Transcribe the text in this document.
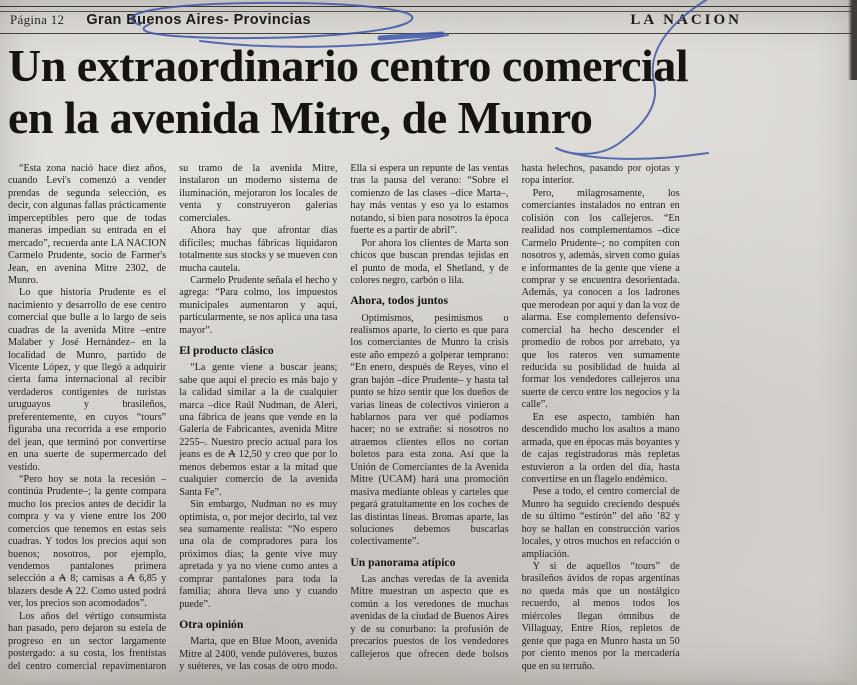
Página 12 Gran Buenos Aires- Provincias	LA NACION
Un extraordinario centro comercial
en la avenida Mitre, de Munro

“Esta zona nació hace diez años, cuando Levi's comenzó a vender prendas de segunda selección, es decir, con algunas fallas prácticamente imperceptibles pero que de todas maneras impedían su entrada en el mercado”, recuerda ante LA NACION Carmelo Prudente, socio de Farmer's Jean, en avenina Mitre 2302, de Munro.

Lo que historia Prudente es el nacimiento y desarrollo de ese centro comercial que bulle a lo largo de seis cuadras de la avenida Mitre –entre Malaber y José Hernández– en la localidad de Munro, partido de Vicente López, y que llegó a adquirir cierta fama internacional al recibir verdaderos contigentes de turistas uruguayos y brasileños, preferentemente, en cuyos “tours” figuraba una recorrida a ese emporio del jean, que terminó por convertirse en una suerte de supermercado del vestido.

“Pero hoy se nota la recesión –continúa Prudente–; la gente compara mucho los precios antes de decidir la compra y va y viene entre los 200 comercios que tenemos en estas seis cuadras. Y todos los precios aquí son buenos; nosotros, por ejemplo, vendemos pantalones primera selección a ₳ 8; camisas a ₳ 6,85 y blazers desde ₳ 22. Como usted podrá ver, los precios son acomodados”.

Los años del vértigo consumista han pasado, pero dejaron su estela de progreso en un sector largamente postergado: a su costa, los frentistas del centro comercial repavimentaron su tramo de la avenida Mitre, instalaron un moderno sistema de iluminación, mejoraron los locales de venta y construyeron galerías comerciales.

Ahora hay que afrontar días difíciles; muchas fábricas liquidaron totalmente sus stocks y se mueven con mucha cautela.

Carmelo Prudente señala el hecho y agrega: “Para colmo, los impuestos municipales aumentaron y aquí, particularmente, se nos aplica una tasa mayor”.

El producto clásico

“La gente viene a buscar jeans; sabe que aquí el precio es más bajo y la calidad similar a la de cualquier marca –dice Raúl Nudman, de Aleri, una fábrica de jeans que vende en la Galería de Fabricantes, avenida Mitre 2255–. Nuestro precio actual para los jeans es de ₳ 12,50 y creo que por lo menos debemos estar a la mitad que cualquier comercio de la avenida Santa Fe”.

Sin embargo, Nudman no es muy optimista, o, por mejor decirlo, tal vez sea sumamente realista: “No espero una ola de compradores para los próximos días; la gente vive muy apretada y ya no viene como antes a comprar pantalones para toda la familia; ahora lleva uno y cuando puede”.

Otra opinión

Marta, que en Blue Moon, avenida Mitre al 2400, vende pulóveres, buzos y suéteres, ve las cosas de otro modo. Ella sí espera un repunte de las ventas tras la pausa del verano: “Sobre el comienzo de las clases –dice Marta–, hay más ventas y eso ya lo estamos notando, si bien para nosotros la época fuerte es a partir de abril”.

Por ahora los clientes de Marta son chicos que buscan prendas tejidas en el punto de moda, el Shetland, y de colores negro, carbón o lila.

Ahora, todos juntos

Optimismos, pesimismos o realismos aparte, lo cierto es que para los comerciantes de Munro la crisis este año empezó a golperar temprano: “En enero, después de Reyes, vino el gran bajón –dice Prudente– y hasta tal punto se hizo sentir que los dueños de varias líneas de colectivos vinieron a hablarnos para ver qué podíamos hacer; no se extrañe: si nosotros no atraemos clientes ellos no cortan boletos para esta zona. Así que la Unión de Comerciantes de la Avenida Mitre (UCAM) hará una promoción masiva mediante obleas y carteles que pegará gratuitamente en los coches de las distintas líneas. Bromas aparte, las soluciones debemos buscarlas colectivamente”.

Un panorama atípico

Las anchas veredas de la avenida Mitre muestran un aspecto que es común a los veredones de muchas avenidas de la ciudad de Buenos Aires y de su conurbano: la profusión de precarios puestos de los vendedores callejeros que ofrecen dede bolsos hasta helechos, pasando por ojotas y ropa interior.

Pero, milagrosamente, los comerciantes instalados no entran en colisión con los callejeros. “En realidad nos complementamos –dice Carmelo Prudente–; no compiten con nosotros y, además, sirven como guías e informantes de la gente que viene a comprar y se encuentra desorientada. Además, ya conocen a los ladrones que merodean por aquí y dan la voz de alarma. Ese complemento defensivo-comercial ha hecho descender el promedio de robos por arrebato, ya que los rateros ven sumamente reducida su posiblidad de huida al formar los vendedores callejeros una suerte de cerco entre los negocios y la calle”.

En ese aspecto, también han descendido mucho los asaltos a mano armada, que en épocas más boyantes y de cajas registradoras más repletas estuvieron a la orden del día, hasta convertirse en un flagelo endémico.

Pese a todo, el centro comercial de Munro ha seguido creciendo después de su último “estirón” del año ’82 y hoy se hallan en construcción varios locales, y otros muchos en refacción o ampliación.

Y si de aquellos “tours” de brasileños ávidos de ropas argentinas no queda más que un nostálgico recuerdo, al menos todos los miércoles llegan ómnibus de Villaguay, Entre Ríos, repletos de gente que paga en Munro hasta un 50 por ciento menos por la mercadería que en su terruño.
